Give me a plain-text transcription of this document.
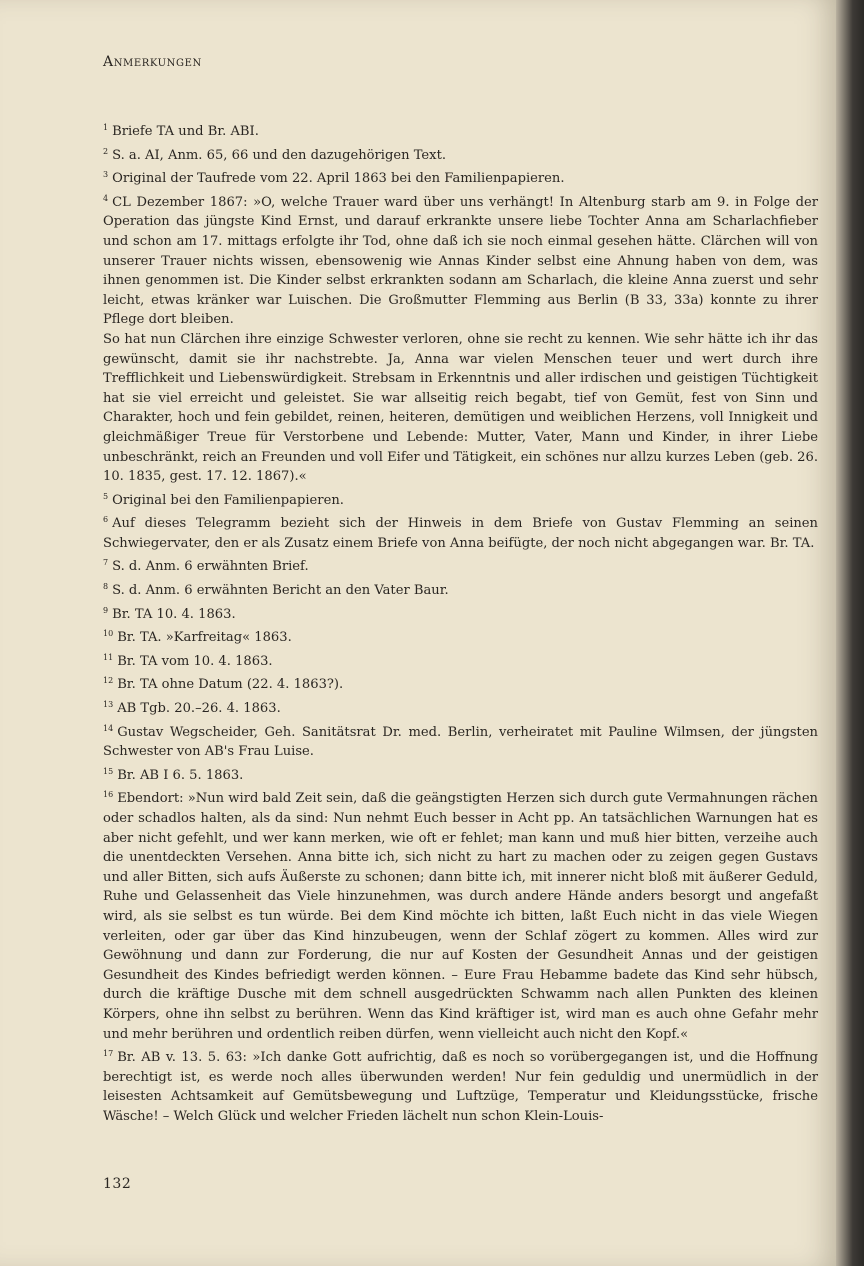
Anmerkungen

$^1$ Briefe TA und Br. ABI.

$^2$ S. a. AI, Anm. 65, 66 und den dazugehörigen Text.

$^3$ Original der Taufrede vom 22. April 1863 bei den Familienpapieren.

$^4$ CL Dezember 1867: »O, welche Trauer ward über uns verhängt! In Altenburg starb am 9. in Folge der Operation das jüngste Kind Ernst, und darauf erkrankte unsere liebe Tochter Anna am Scharlachfieber und schon am 17. mittags erfolgte ihr Tod, ohne daß ich sie noch einmal gesehen hätte. Clärchen will von unserer Trauer nichts wissen, ebensowenig wie Annas Kinder selbst eine Ahnung haben von dem, was ihnen genommen ist. Die Kinder selbst erkrankten sodann am Scharlach, die kleine Anna zuerst und sehr leicht, etwas kränker war Luischen. Die Großmutter Flemming aus Berlin (B 33, 33a) konnte zu ihrer Pflege dort bleiben.

So hat nun Clärchen ihre einzige Schwester verloren, ohne sie recht zu kennen. Wie sehr hätte ich ihr das gewünscht, damit sie ihr nachstrebte. Ja, Anna war vielen Menschen teuer und wert durch ihre Trefflichkeit und Liebenswürdigkeit. Strebsam in Erkenntnis und aller irdischen und geistigen Tüchtigkeit hat sie viel erreicht und geleistet. Sie war allseitig reich begabt, tief von Gemüt, fest von Sinn und Charakter, hoch und fein gebildet, reinen, heiteren, demütigen und weiblichen Herzens, voll Innigkeit und gleichmäßiger Treue für Verstorbene und Lebende: Mutter, Vater, Mann und Kinder, in ihrer Liebe unbeschränkt, reich an Freunden und voll Eifer und Tätigkeit, ein schönes nur allzu kurzes Leben (geb. 26. 10. 1835, gest. 17. 12. 1867).«

$^5$ Original bei den Familienpapieren.

$^6$ Auf dieses Telegramm bezieht sich der Hinweis in dem Briefe von Gustav Flemming an seinen Schwiegervater, den er als Zusatz einem Briefe von Anna beifügte, der noch nicht abgegangen war. Br. TA.

$^7$ S. d. Anm. 6 erwähnten Brief.

$^8$ S. d. Anm. 6 erwähnten Bericht an den Vater Baur.

$^9$ Br. TA 10. 4. 1863.

$^{10}$ Br. TA. »Karfreitag« 1863.

$^{11}$ Br. TA vom 10. 4. 1863.

$^{12}$ Br. TA ohne Datum (22. 4. 1863?).

$^{13}$ AB Tgb. 20.–26. 4. 1863.

$^{14}$ Gustav Wegscheider, Geh. Sanitätsrat Dr. med. Berlin, verheiratet mit Pauline Wilmsen, der jüngsten Schwester von AB's Frau Luise.

$^{15}$ Br. AB I 6. 5. 1863.

$^{16}$ Ebendort: »Nun wird bald Zeit sein, daß die geängstigten Herzen sich durch gute Vermahnungen rächen oder schadlos halten, als da sind: Nun nehmt Euch besser in Acht pp. An tatsächlichen Warnungen hat es aber nicht gefehlt, und wer kann merken, wie oft er fehlet; man kann und muß hier bitten, verzeihe auch die unentdeckten Versehen. Anna bitte ich, sich nicht zu hart zu machen oder zu zeigen gegen Gustavs und aller Bitten, sich aufs Äußerste zu schonen; dann bitte ich, mit innerer nicht bloß mit äußerer Geduld, Ruhe und Gelassenheit das Viele hinzunehmen, was durch andere Hände anders besorgt und angefaßt wird, als sie selbst es tun würde. Bei dem Kind möchte ich bitten, laßt Euch nicht in das viele Wiegen verleiten, oder gar über das Kind hinzubeugen, wenn der Schlaf zögert zu kommen. Alles wird zur Gewöhnung und dann zur Forderung, die nur auf Kosten der Gesundheit Annas und der geistigen Gesundheit des Kindes befriedigt werden können. – Eure Frau Hebamme badete das Kind sehr hübsch, durch die kräftige Dusche mit dem schnell ausgedrückten Schwamm nach allen Punkten des kleinen Körpers, ohne ihn selbst zu berühren. Wenn das Kind kräftiger ist, wird man es auch ohne Gefahr mehr und mehr berühren und ordentlich reiben dürfen, wenn vielleicht auch nicht den Kopf.«

$^{17}$ Br. AB v. 13. 5. 63: »Ich danke Gott aufrichtig, daß es noch so vorübergegangen ist, und die Hoffnung berechtigt ist, es werde noch alles überwunden werden! Nur fein geduldig und unermüdlich in der leisesten Achtsamkeit auf Gemütsbewegung und Luftzüge, Temperatur und Kleidungsstücke, frische Wäsche! – Welch Glück und welcher Frieden lächelt nun schon Klein-Louis-

132
